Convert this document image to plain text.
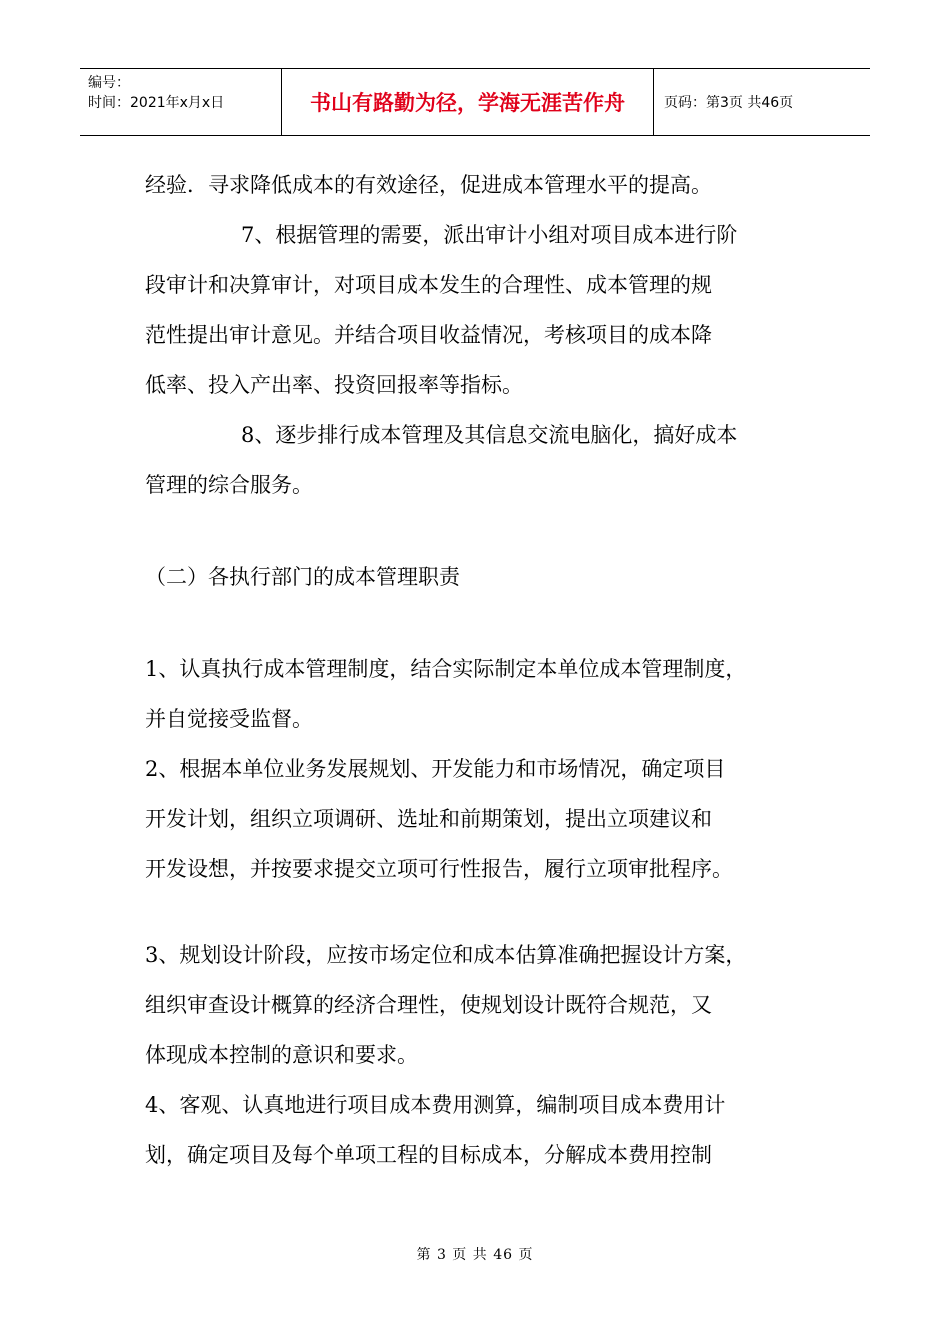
编号：
时间：2021年x月x日	书山有路勤为径，学海无涯苦作舟	页码：第3页 共46页
经验．寻求降低成本的有效途径，促进成本管理水平的提高。
7、根据管理的需要，派出审计小组对项目成本进行阶
段审计和决算审计，对项目成本发生的合理性、成本管理的规
范性提出审计意见。并结合项目收益情况，考核项目的成本降
低率、投入产出率、投资回报率等指标。
8、逐步排行成本管理及其信息交流电脑化，搞好成本
管理的综合服务。
（二）各执行部门的成本管理职责
1、认真执行成本管理制度，结合实际制定本单位成本管理制度，
并自觉接受监督。
2、根据本单位业务发展规划、开发能力和市场情况，确定项目
开发计划，组织立项调研、选址和前期策划，提出立项建议和
开发设想，并按要求提交立项可行性报告，履行立项审批程序。
3、规划设计阶段，应按市场定位和成本估算准确把握设计方案，
组织审查设计概算的经济合理性，使规划设计既符合规范，又
体现成本控制的意识和要求。
4、客观、认真地进行项目成本费用测算，编制项目成本费用计
划，确定项目及每个单项工程的目标成本，分解成本费用控制
第 3 页 共 46 页
